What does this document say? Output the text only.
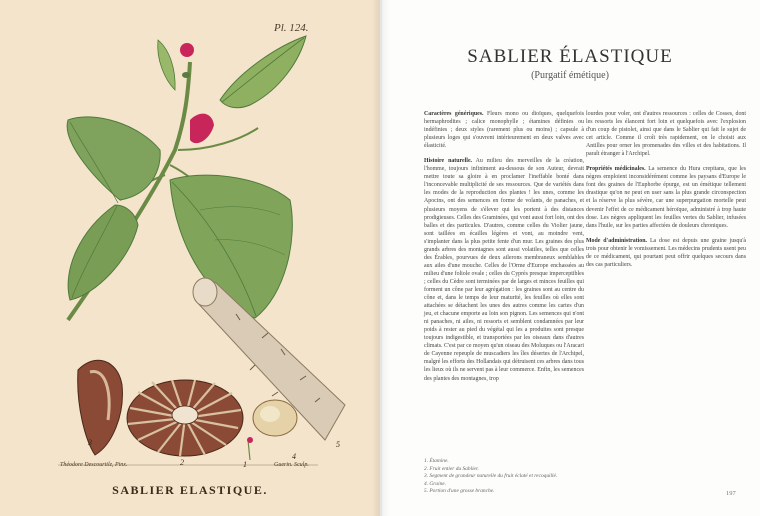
Pl. 124.
3
2	1
4
5
Théodore Descourtilz, Pinx.	Guerin. Sculp.
SABLIER ELASTIQUE.
SABLIER ÉLASTIQUE
(Purgatif émétique)

Caractères génériques. Fleurs mono ou dioïques, quelquefois hermaphrodites ; calice monophylle ; étamines définies ou indéfinies ; deux styles (rarement plus ou moins) ; capsule à plusieurs loges qui s'ouvrent intérieurement en deux valves avec élasticité.

Histoire naturelle. Au milieu des merveilles de la création, l'homme, toujours infiniment au-dessous de son Auteur, devrait mettre toute sa gloire à en proclamer l'ineffable bonté dans l'inconcevable multiplicité de ses ressources. Que de variétés dans les modes de la reproduction des plantes ! les unes, comme les Apocins, ont des semences en forme de volants, de panaches, et plusieurs moyens de s'élever qui les portent à des distances prodigieuses. Celles des Graminées, qui vont aussi fort loin, ont des balles et des particules. D'autres, comme celles du Violier jaune, sont taillées en écailles légères et vont, au moindre vent, s'implanter dans la plus petite fente d'un mur. Les graines des plus grands arbres des montagnes sont aussi volatiles, telles que celles des Érables, pourvues de deux ailerons membraneux semblables aux ailes d'une mouche. Celles de l'Orme d'Europe enchassées au milieu d'une foliole ovale ; celles du Cyprès presque imperceptibles ; celles du Cèdre sont terminées par de larges et minces feuilles qui forment un cône par leur agrégation : les graines sont au centre du cône et, dans le temps de leur maturité, les feuilles où elles sont attachées se détachent les unes des autres comme les cartes d'un jeu, et chacune emporte au loin son pignon. Les semences qui n'ont ni panaches, ni ailes, ni ressorts et semblent condamnées par leur poids à rester au pied du végétal qui les a produites sont presque toujours indigestible, et transportées par les oiseaux dans d'autres climats. C'est par ce moyen qu'un oiseau des Moluques ou l'Aracari de Cayenne repeuple de muscadiers les îles désertes de l'Archipel, malgré les efforts des Hollandais qui détruisent ces arbres dans tous les lieux où ils ne servent pas à leur commerce. Enfin, les semences des plantes des montagnes, trop

lourdes pour voler, ont d'autres ressources : celles de Cosses, dont les ressorts les élancent fort loin et quelquefois avec l'explosion d'un coup de pistolet, ainsi que dans le Sablier qui fait le sujet de cet article. Comme il croît très rapidement, on le choisit aux Antilles pour orner les promenades des villes et des habitations. Il paraît étranger à l'Archipel.

Propriétés médicinales. La semence du Hura crepitans, que les nègres emploient inconsidérément comme les paysans d'Europe le font des graines de l'Euphorbe épurge, est un émétique tellement drastique qu'on ne peut en user sans la plus grande circonspection et la réserve la plus sévère, car une superpurgation mortelle peut devenir l'effet de ce médicament héroïque, administré à trop haute dose. Les nègres appliquent les feuilles vertes du Sablier, infusées dans l'huile, sur les parties affectées de douleurs chroniques.

Mode d'administration. La dose est depuis une graine jusqu'à trois pour obtenir le vomissement. Les médecins prudents usent peu de ce médicament, qui pourtant peut offrir quelques secours dans des cas particuliers.

1. Étamine.
2. Fruit entier du Sablier.
3. Segment de grandeur naturelle du fruit éclaté et recoquillé.
4. Graine.
5. Portion d'une grosse branche.	197
